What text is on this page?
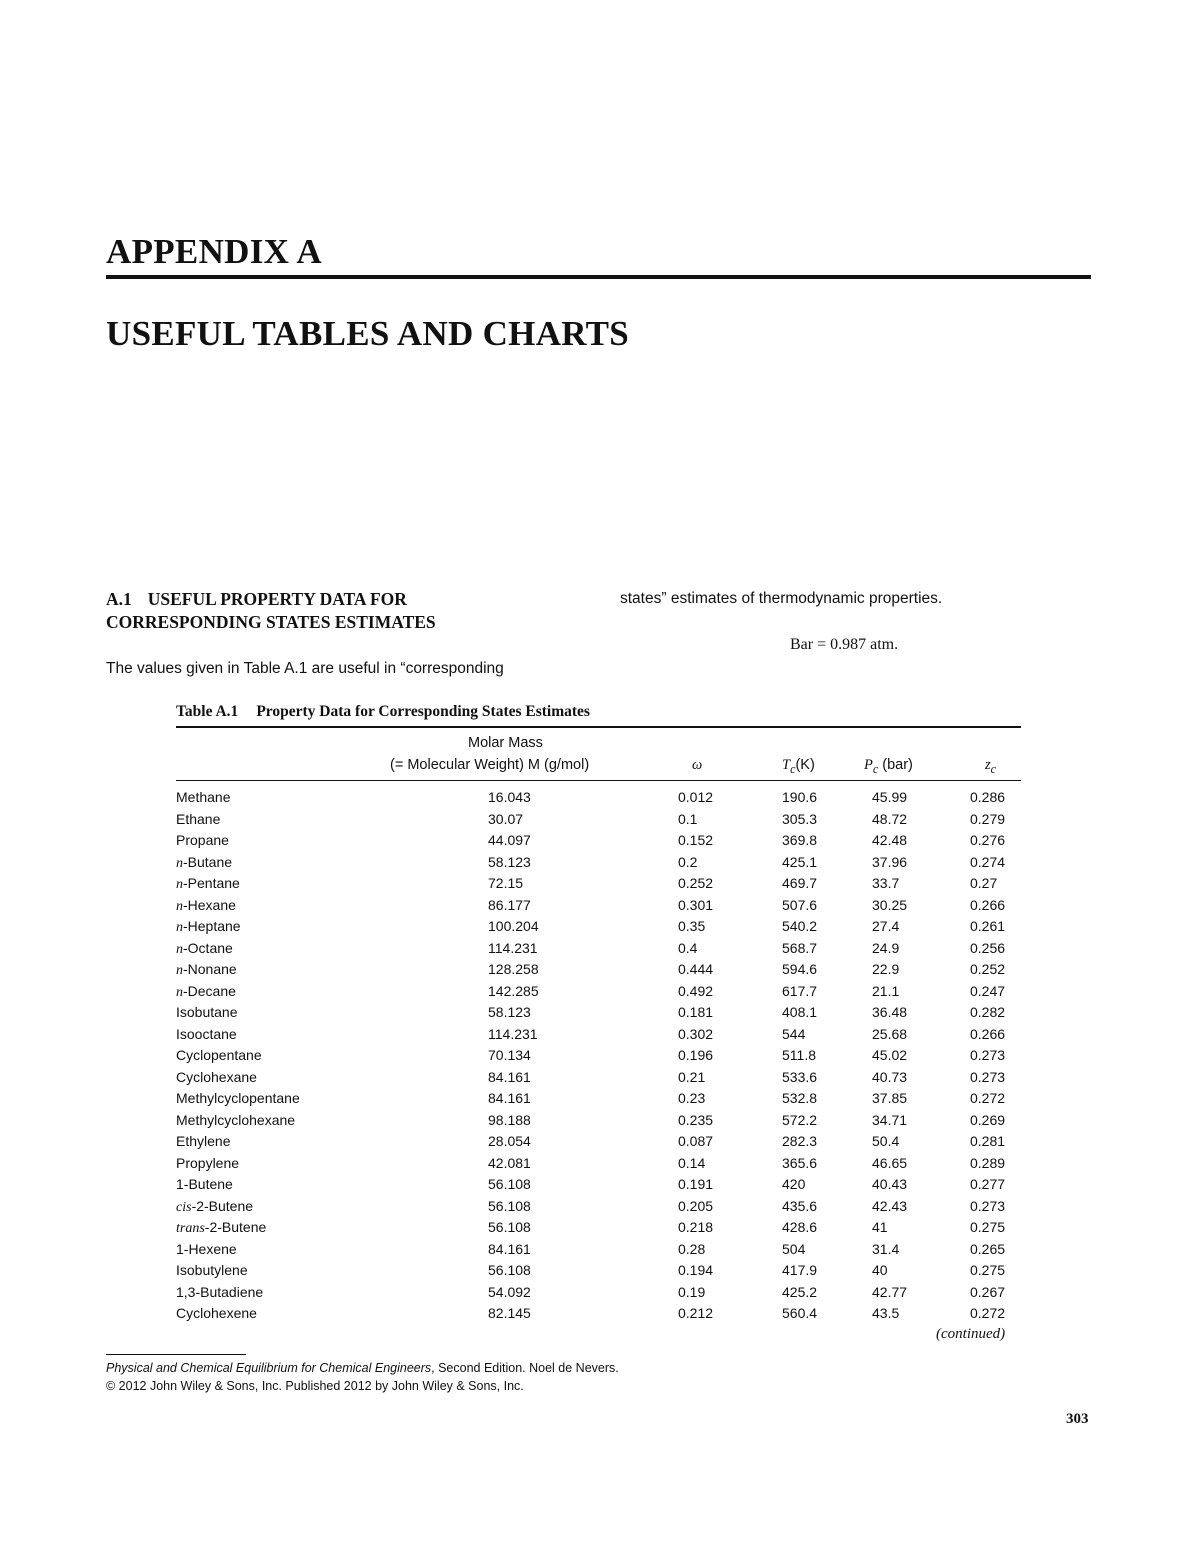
APPENDIX A
USEFUL TABLES AND CHARTS
A.1 USEFUL PROPERTY DATA FOR
CORRESPONDING STATES ESTIMATES
states” estimates of thermodynamic properties.
Bar = 0.987 atm.
The values given in Table A.1 are useful in “corresponding
Table A.1 Property Data for Corresponding States Estimates
Molar Mass
(= Molecular Weight) M (g/mol)	ω	$T_c(K)$	$P_c$ (bar)	$z_c$
Methane	16.043	0.012	190.6	45.99	0.286
Ethane	30.07	0.1	305.3	48.72	0.279
Propane	44.097	0.152	369.8	42.48	0.276
n-Butane	58.123	0.2	425.1	37.96	0.274
n-Pentane	72.15	0.252	469.7	33.7	0.27
n-Hexane	86.177	0.301	507.6	30.25	0.266
n-Heptane	100.204	0.35	540.2	27.4	0.261
n-Octane	114.231	0.4	568.7	24.9	0.256
n-Nonane	128.258	0.444	594.6	22.9	0.252
n-Decane	142.285	0.492	617.7	21.1	0.247
Isobutane	58.123	0.181	408.1	36.48	0.282
Isooctane	114.231	0.302	544	25.68	0.266
Cyclopentane	70.134	0.196	511.8	45.02	0.273
Cyclohexane	84.161	0.21	533.6	40.73	0.273
Methylcyclopentane	84.161	0.23	532.8	37.85	0.272
Methylcyclohexane	98.188	0.235	572.2	34.71	0.269
Ethylene	28.054	0.087	282.3	50.4	0.281
Propylene	42.081	0.14	365.6	46.65	0.289
1-Butene	56.108	0.191	420	40.43	0.277
cis-2-Butene	56.108	0.205	435.6	42.43	0.273
trans-2-Butene	56.108	0.218	428.6	41	0.275
1-Hexene	84.161	0.28	504	31.4	0.265
Isobutylene	56.108	0.194	417.9	40	0.275
1,3-Butadiene	54.092	0.19	425.2	42.77	0.267
Cyclohexene	82.145	0.212	560.4	43.5	0.272
(continued)
Physical and Chemical Equilibrium for Chemical Engineers, Second Edition. Noel de Nevers.
© 2012 John Wiley & Sons, Inc. Published 2012 by John Wiley & Sons, Inc.
303
